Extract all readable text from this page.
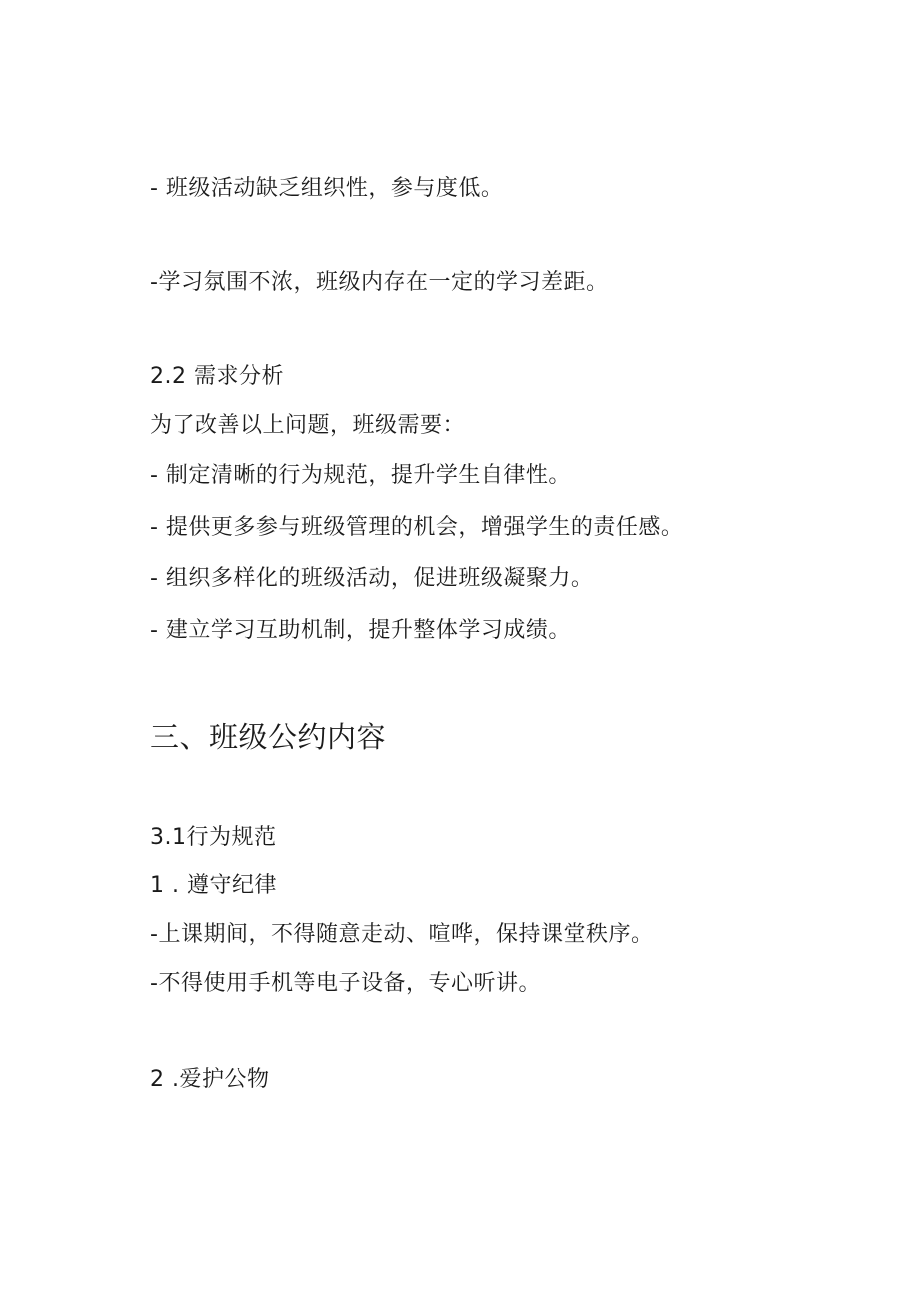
- 班级活动缺乏组织性，参与度低。

-学习氛围不浓，班级内存在一定的学习差距。

2.2 需求分析

为了改善以上问题，班级需要：

- 制定清晰的行为规范，提升学生自律性。

- 提供更多参与班级管理的机会，增强学生的责任感。

- 组织多样化的班级活动，促进班级凝聚力。

- 建立学习互助机制，提升整体学习成绩。

三、班级公约内容

3.1行为规范

1 . 遵守纪律

-上课期间，不得随意走动、喧哗，保持课堂秩序。

-不得使用手机等电子设备，专心听讲。

2 .爱护公物
